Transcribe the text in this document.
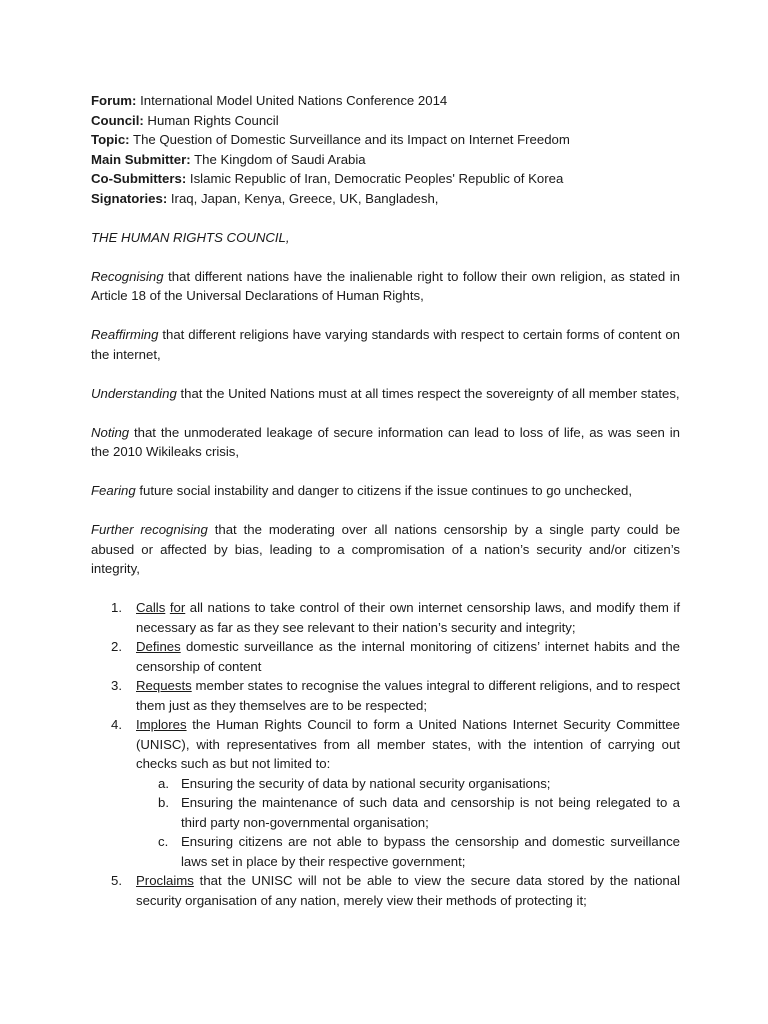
Forum: International Model United Nations Conference 2014

Council: Human Rights Council

Topic: The Question of Domestic Surveillance and its Impact on Internet Freedom

Main Submitter: The Kingdom of Saudi Arabia

Co-Submitters: Islamic Republic of Iran, Democratic Peoples' Republic of Korea

Signatories: Iraq, Japan, Kenya, Greece, UK, Bangladesh,

THE HUMAN RIGHTS COUNCIL,

Recognising that different nations have the inalienable right to follow their own religion, as stated in Article 18 of the Universal Declarations of Human Rights,

Reaffirming that different religions have varying standards with respect to certain forms of content on the internet,

Understanding that the United Nations must at all times respect the sovereignty of all member states,

Noting that the unmoderated leakage of secure information can lead to loss of life, as was seen in the 2010 Wikileaks crisis,

Fearing future social instability and danger to citizens if the issue continues to go unchecked,

Further recognising that the moderating over all nations censorship by a single party could be abused or affected by bias, leading to a compromisation of a nation’s security and/or citizen’s integrity,

1. Calls for all nations to take control of their own internet censorship laws, and modify them if necessary as far as they see relevant to their nation’s security and integrity;
2. Defines domestic surveillance as the internal monitoring of citizens’ internet habits and the censorship of content
3. Requests member states to recognise the values integral to different religions, and to respect them just as they themselves are to be respected;
4. Implores the Human Rights Council to form a United Nations Internet Security Committee (UNISC), with representatives from all member states, with the intention of carrying out checks such as but not limited to:
a. Ensuring the security of data by national security organisations;
b. Ensuring the maintenance of such data and censorship is not being relegated to a third party non-governmental organisation;
c. Ensuring citizens are not able to bypass the censorship and domestic surveillance laws set in place by their respective government;
5. Proclaims that the UNISC will not be able to view the secure data stored by the national security organisation of any nation, merely view their methods of protecting it;
